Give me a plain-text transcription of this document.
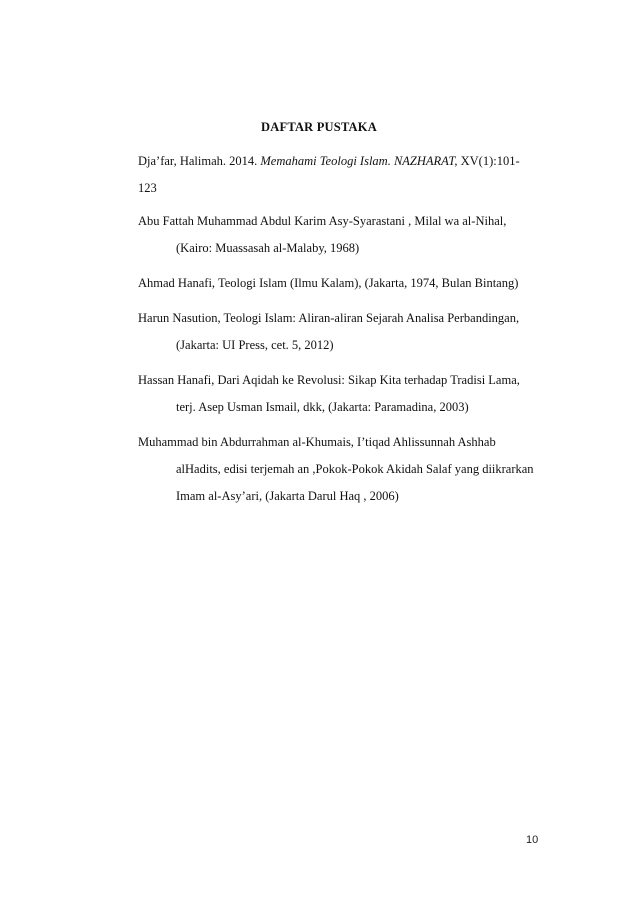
DAFTAR PUSTAKA
Dja’far, Halimah. 2014. Memahami Teologi Islam. NAZHARAT, XV(1):101-
123
Abu Fattah Muhammad Abdul Karim Asy-Syarastani , Milal wa al-Nihal,
(Kairo: Muassasah al-Malaby, 1968)
Ahmad Hanafi, Teologi Islam (Ilmu Kalam), (Jakarta, 1974, Bulan Bintang)
Harun Nasution, Teologi Islam: Aliran-aliran Sejarah Analisa Perbandingan,
(Jakarta: UI Press, cet. 5, 2012)
Hassan Hanafi, Dari Aqidah ke Revolusi: Sikap Kita terhadap Tradisi Lama,
terj. Asep Usman Ismail, dkk, (Jakarta: Paramadina, 2003)
Muhammad bin Abdurrahman al-Khumais, I’tiqad Ahlissunnah Ashhab
alHadits, edisi terjemah an ,Pokok-Pokok Akidah Salaf yang diikrarkan
Imam al-Asy’ari, (Jakarta Darul Haq , 2006)
10
